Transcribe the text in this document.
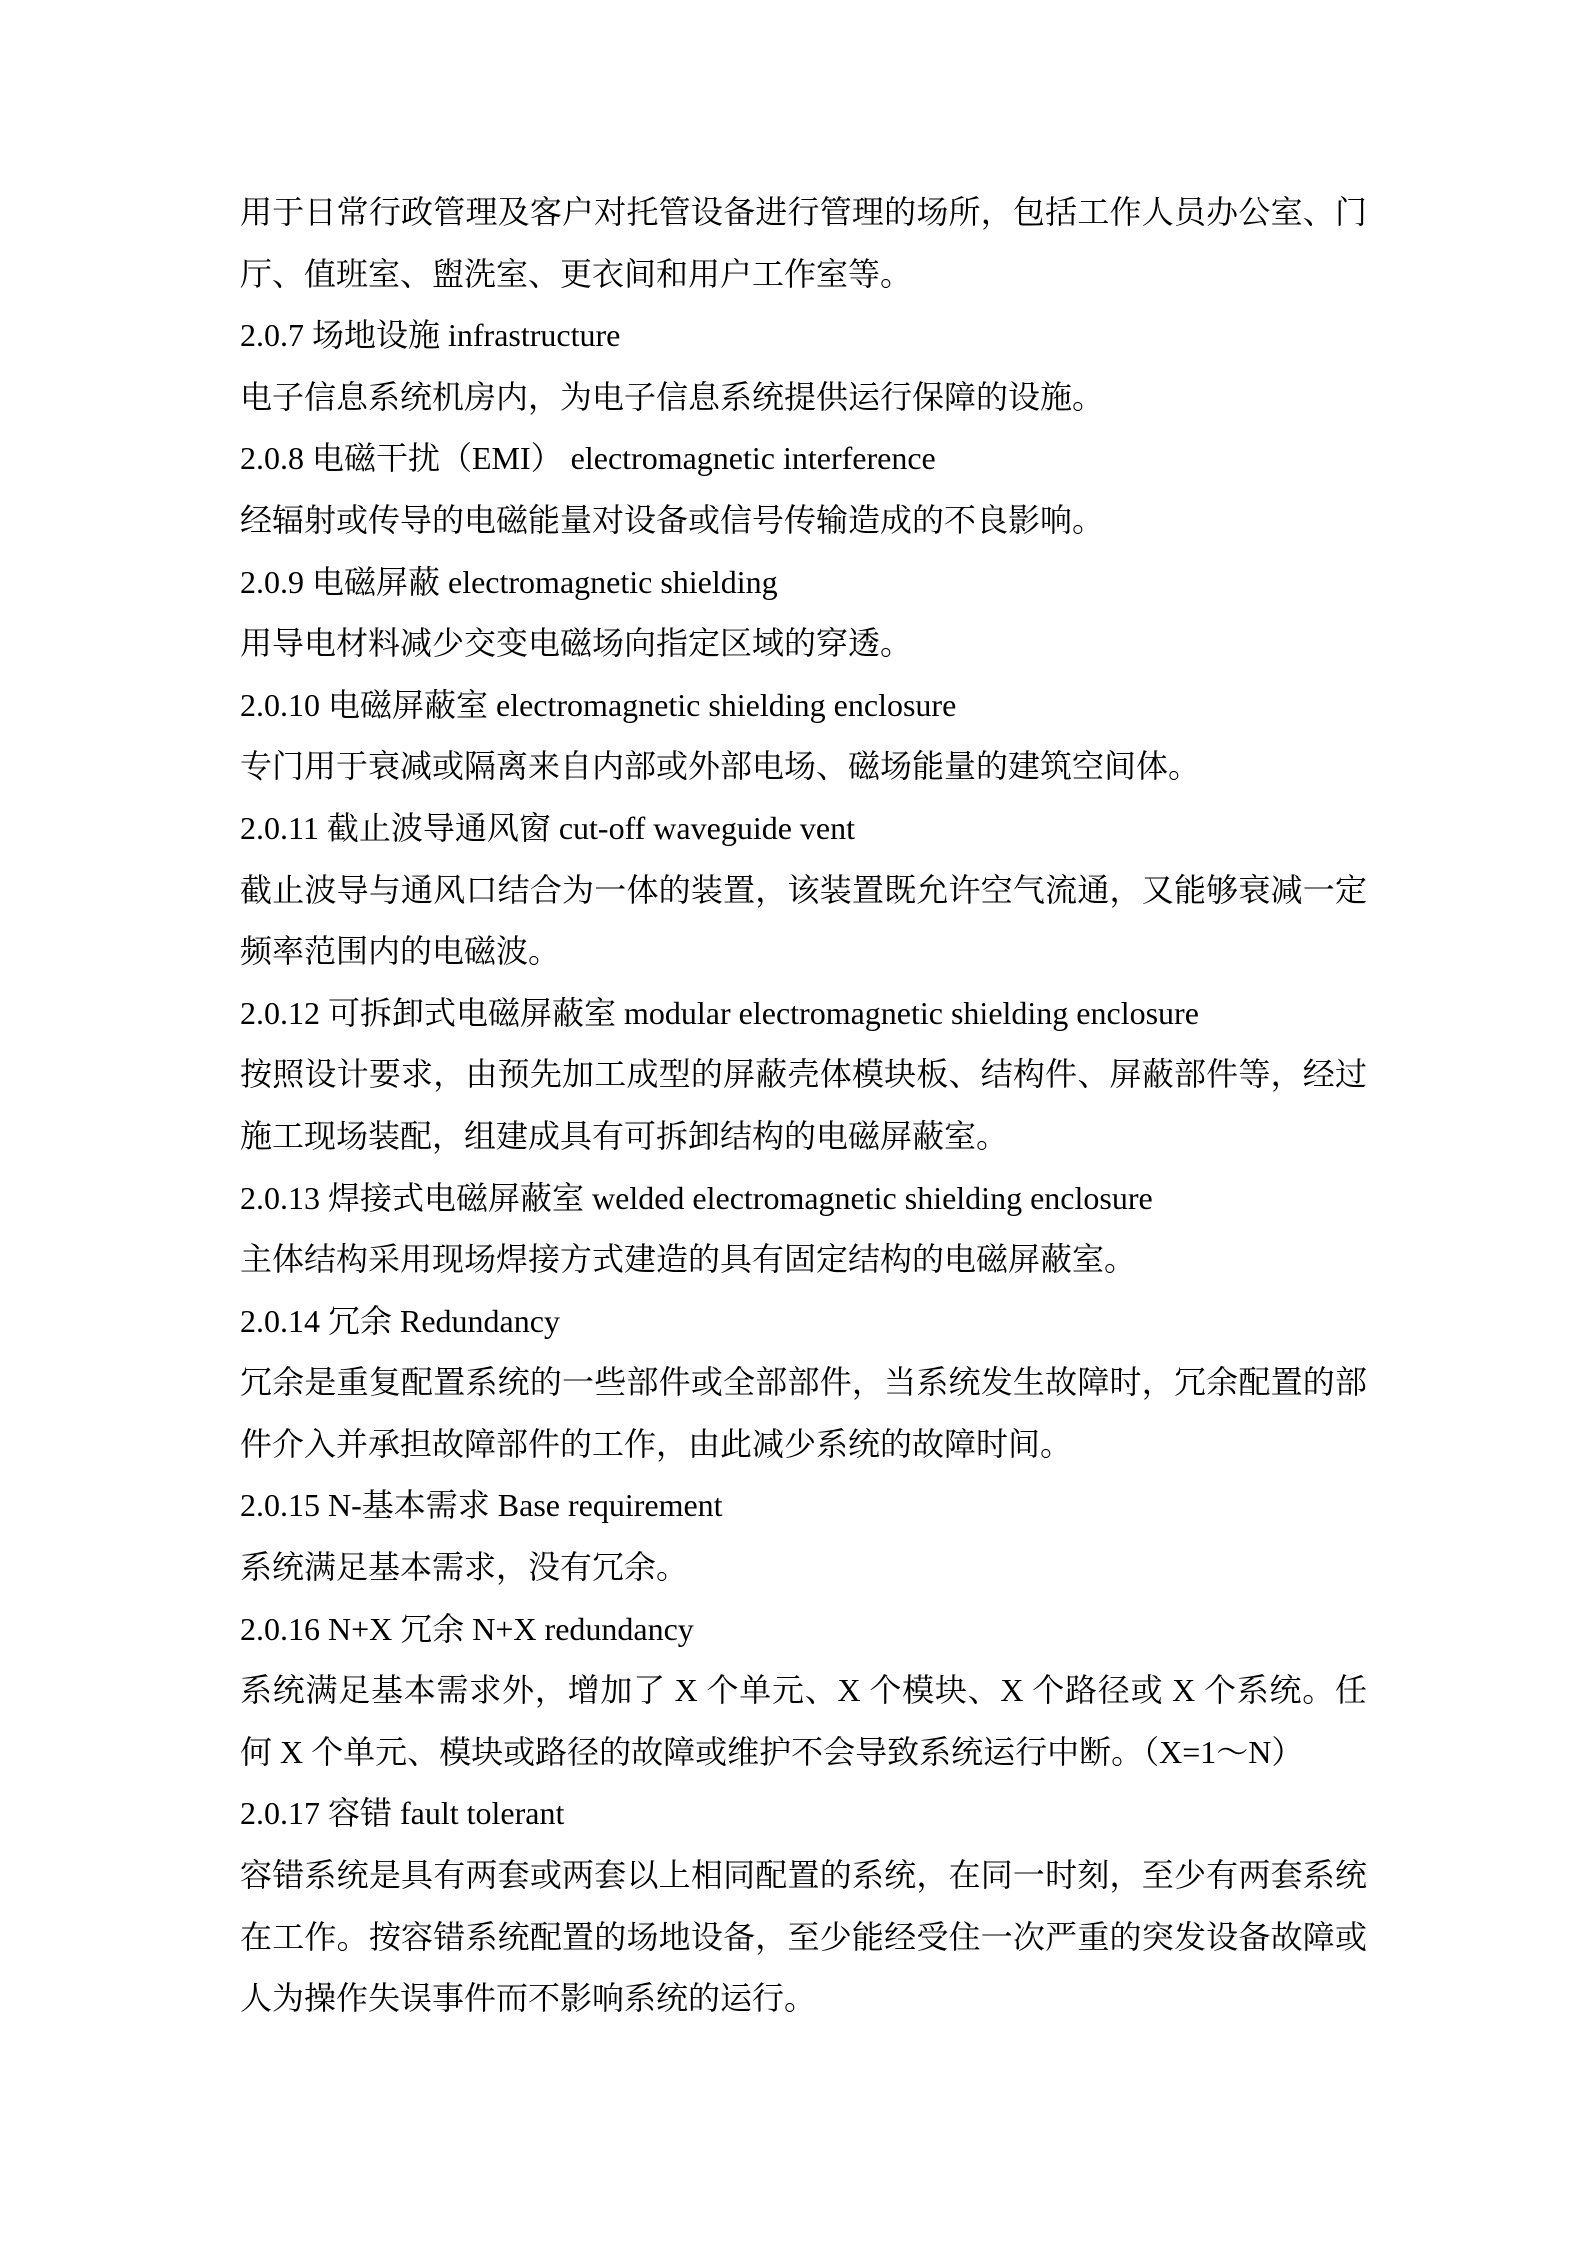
用于日常行政管理及客户对托管设备进行管理的场所，包括工作人员办公室、门

厅、值班室、盥洗室、更衣间和用户工作室等。

2.0.7 场地设施 infrastructure

电子信息系统机房内，为电子信息系统提供运行保障的设施。

2.0.8 电磁干扰（EMI） electromagnetic interference

经辐射或传导的电磁能量对设备或信号传输造成的不良影响。

2.0.9 电磁屏蔽 electromagnetic shielding

用导电材料减少交变电磁场向指定区域的穿透。

2.0.10 电磁屏蔽室 electromagnetic shielding enclosure

专门用于衰减或隔离来自内部或外部电场、磁场能量的建筑空间体。

2.0.11 截止波导通风窗 cut-off waveguide vent

截止波导与通风口结合为一体的装置，该装置既允许空气流通，又能够衰减一定

频率范围内的电磁波。

2.0.12 可拆卸式电磁屏蔽室 modular electromagnetic shielding enclosure

按照设计要求，由预先加工成型的屏蔽壳体模块板、结构件、屏蔽部件等，经过

施工现场装配，组建成具有可拆卸结构的电磁屏蔽室。

2.0.13 焊接式电磁屏蔽室 welded electromagnetic shielding enclosure

主体结构采用现场焊接方式建造的具有固定结构的电磁屏蔽室。

2.0.14 冗余 Redundancy

冗余是重复配置系统的一些部件或全部部件，当系统发生故障时，冗余配置的部

件介入并承担故障部件的工作，由此减少系统的故障时间。

2.0.15 N-基本需求 Base requirement

系统满足基本需求，没有冗余。

2.0.16 N+X 冗余 N+X redundancy

系统满足基本需求外，增加了 X 个单元、X 个模块、X 个路径或 X 个系统。任

何 X 个单元、模块或路径的故障或维护不会导致系统运行中断。（X=1～N）

2.0.17 容错 fault tolerant

容错系统是具有两套或两套以上相同配置的系统，在同一时刻，至少有两套系统

在工作。按容错系统配置的场地设备，至少能经受住一次严重的突发设备故障或

人为操作失误事件而不影响系统的运行。
